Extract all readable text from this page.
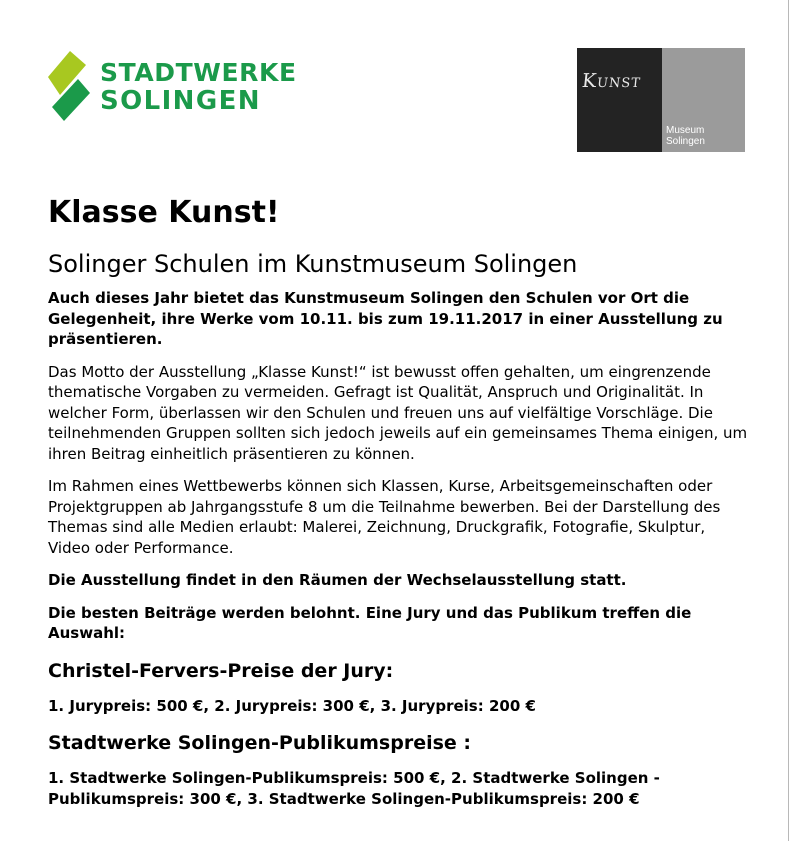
STADTWERKE
SOLINGEN
Kunst
Museum
Solingen
Klasse Kunst!
Solinger Schulen im Kunstmuseum Solingen

Auch dieses Jahr bietet das Kunstmuseum Solingen den Schulen vor Ort die Gelegenheit, ihre Werke vom 10.11. bis zum 19.11.2017 in einer Ausstellung zu präsentieren.

Das Motto der Ausstellung „Klasse Kunst!“ ist bewusst offen gehalten, um eingrenzende thematische Vorgaben zu vermeiden. Gefragt ist Qualität, Anspruch und Originalität. In welcher Form, überlassen wir den Schulen und freuen uns auf vielfältige Vorschläge. Die teilnehmenden Gruppen sollten sich jedoch jeweils auf ein gemeinsames Thema einigen, um ihren Beitrag einheitlich präsentieren zu können.

Im Rahmen eines Wettbewerbs können sich Klassen, Kurse, Arbeitsgemeinschaften oder Projektgruppen ab Jahrgangsstufe 8 um die Teilnahme bewerben. Bei der Darstellung des Themas sind alle Medien erlaubt: Malerei, Zeichnung, Druckgrafik, Fotografie, Skulptur, Video oder Performance.

Die Ausstellung findet in den Räumen der Wechselausstellung statt.

Die besten Beiträge werden belohnt. Eine Jury und das Publikum treffen die Auswahl:

Christel-Fervers-Preise der Jury:

1. Jurypreis: 500 €, 2. Jurypreis: 300 €, 3. Jurypreis: 200 €

Stadtwerke Solingen-Publikumspreise :

1. Stadtwerke Solingen-Publikumspreis: 500 €, 2. Stadtwerke Solingen -Publikumspreis: 300 €, 3. Stadtwerke Solingen-Publikumspreis: 200 €
